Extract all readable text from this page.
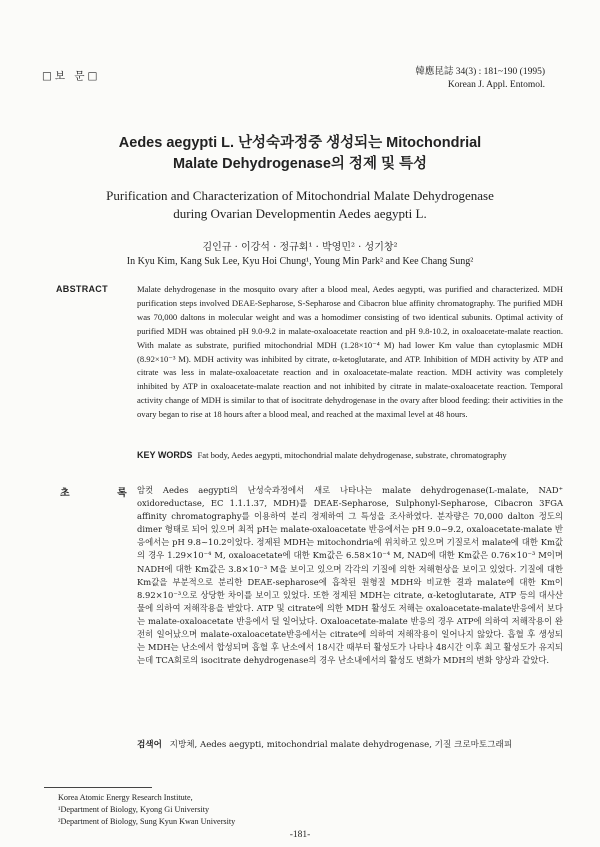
□보 문□	韓應昆誌 34(3) : 181~190 (1995)
Korean J. Appl. Entomol.
Aedes aegypti L. 난성숙과정중 생성되는 Mitochondrial
Malate Dehydrogenase의 정제 및 특성
Purification and Characterization of Mitochondrial Malate Dehydrogenase
during Ovarian Developmentin Aedes aegypti L.
김인규 · 이강석 · 정규회¹ · 박영민² · 성기창²
In Kyu Kim, Kang Suk Lee, Kyu Hoi Chung¹, Young Min Park² and Kee Chang Sung²
ABSTRACT	Malate dehydrogenase in the mosquito ovary after a blood meal, Aedes aegypti, was purified and characterized. MDH purification steps involved DEAE-Sepharose, S-Sepharose and Cibacron blue affinity chromatography. The purified MDH was 70,000 daltons in molecular weight and was a homodimer consisting of two identical subunits. Optimal activity of purified MDH was obtained pH 9.0-9.2 in malate-oxaloacetate reaction and pH 9.8-10.2, in oxaloacetate-malate reaction. With malate as substrate, purified mitochondrial MDH (1.28×10⁻⁴ M) had lower Km value than cytoplasmic MDH (8.92×10⁻³ M). MDH activity was inhibited by citrate, α-ketoglutarate, and ATP. Inhibition of MDH activity by ATP and citrate was less in malate-oxaloacetate reaction and in oxaloacetate-malate reaction. MDH activity was completely inhibited by ATP in oxaloacetate-malate reaction and not inhibited by citrate in malate-oxaloacetate reaction. Temporal activity change of MDH is similar to that of isocitrate dehydrogenase in the ovary after blood feeding: their activities in the ovary began to rise at 18 hours after a blood meal, and reached at the maximal level at 48 hours.
KEY WORDS Fat body, Aedes aegypti, mitochondrial malate dehydrogenase, substrate, chromatography
초 록
암컷 Aedes aegypti의 난성숙과정에서 새로 나타나는 malate dehydrogenase(L-malate, NAD⁺ oxidoreductase, EC 1.1.1.37, MDH)를 DEAE-Sepharose, Sulphonyl-Sepharose, Cibacron 3FGA affinity chromatography를 이용하여 분리 정제하여 그 특성을 조사하였다. 분자량은 70,000 dalton 정도의 dimer 형태로 되어 있으며 최적 pH는 malate-oxaloacetate 반응에서는 pH 9.0~9.2, oxaloacetate-malate 반응에서는 pH 9.8~10.2이었다. 정제된 MDH는 mitochondria에 위치하고 있으며 기질로서 malate에 대한 Km값의 경우 1.29×10⁻⁴ M, oxaloacetate에 대한 Km값은 6.58×10⁻⁴ M, NAD에 대한 Km값은 0.76×10⁻³ M이며 NADH에 대한 Km값은 3.8×10⁻³ M을 보이고 있으며 각각의 기질에 의한 저해현상을 보이고 있었다. 기질에 대한 Km값을 부분적으로 분리한 DEAE-sepharose에 흡착된 원형질 MDH와 비교한 결과 malate에 대한 Km이 8.92×10⁻³으로 상당한 차이를 보이고 있었다. 또한 정제된 MDH는 citrate, α-ketoglutarate, ATP 등의 대사산물에 의하여 저해작용을 받았다. ATP 및 citrate에 의한 MDH 활성도 저해는 oxaloacetate-malate반응에서 보다는 malate-oxaloacetate 반응에서 덜 일어났다. Oxaloacetate-malate 반응의 경우 ATP에 의하여 저해작용이 완전히 일어났으며 malate-oxaloacetate반응에서는 citrate에 의하여 저해작용이 일어나지 않았다. 흡혈 후 생성되는 MDH는 난소에서 합성되며 흡혈 후 난소에서 18시간 때부터 활성도가 나타나 48시간 이후 최고 활성도가 유지되는데 TCA회로의 isocitrate dehydrogenase의 경우 난소내에서의 활성도 변화가 MDH의 변화 양상과 같았다.
검색어 지방체, Aedes aegypti, mitochondrial malate dehydrogenase, 기질 크로마토그래피
Korea Atomic Energy Research Institute,
¹Department of Biology, Kyong Gi University
²Department of Biology, Sung Kyun Kwan University
-181-
